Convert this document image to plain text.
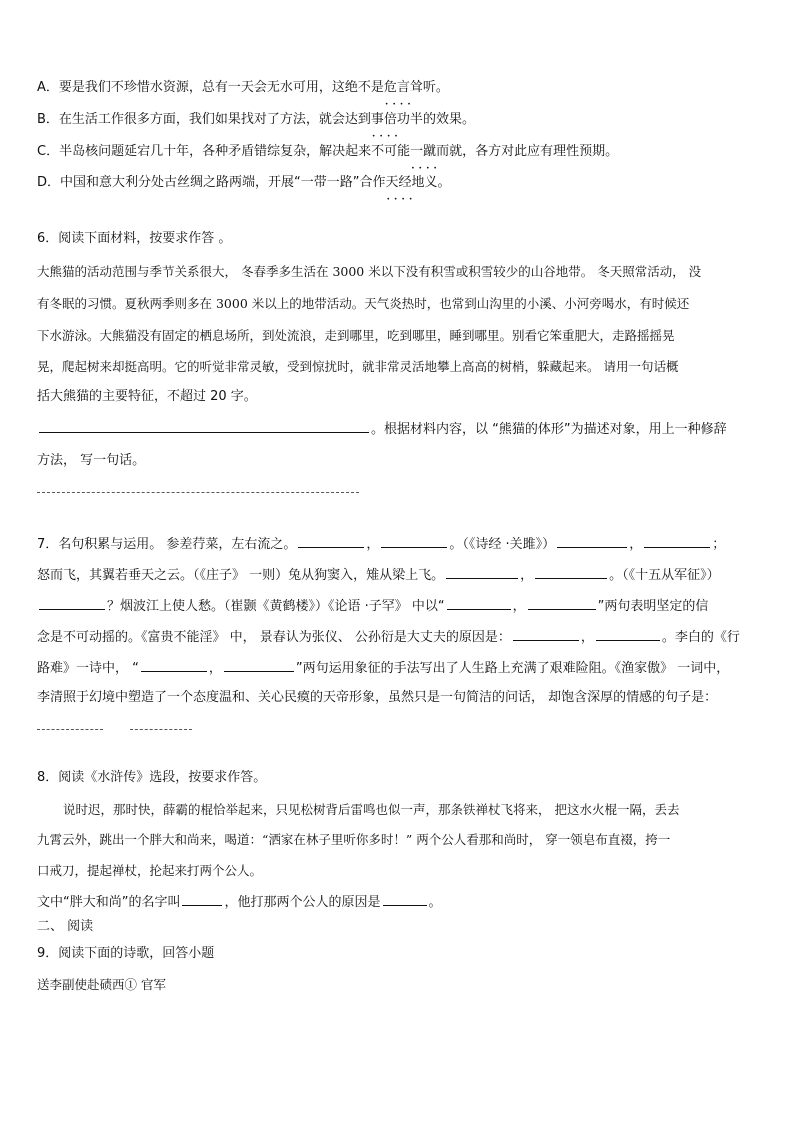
A．要是我们不珍惜水资源，总有一天会无水可用，这绝不是危言耸听 • • • •。
B．在生活工作很多方面，我们如果找对了方法，就会达到事倍功半 • • • •的效果。
C．半岛核问题延宕几十年，各种矛盾错综复杂，解决起来不可能一蹴而就 • • • •，各方对此应有理性预期。
D．中国和意大利分处古丝绸之路两端，开展“一带一路”合作天经地义 • • • •。
6．阅读下面材料，按要求作答 。
大熊猫的活动范围与季节关系很大， 冬春季多生活在 3000 米以下没有积雪或积雪较少的山谷地带。 冬天照常活动， 没
有冬眠的习惯。夏秋两季则多在 3000 米以上的地带活动。天气炎热时，也常到山沟里的小溪、小河旁喝水，有时候还
下水游泳。大熊猫没有固定的栖息场所，到处流浪，走到哪里，吃到哪里，睡到哪里。别看它笨重肥大，走路摇摇晃
晃，爬起树来却挺高明。它的听觉非常灵敏，受到惊扰时，就非常灵活地攀上高高的树梢，躲藏起来。 请用一句话概
括大熊猫的主要特征，不超过 20 字。
。根据材料内容，以 “熊猫的体形”为描述对象，用上一种修辞
方法， 写一句话。
7．名句积累与运用。 参差荇菜，左右流之。	，	。（《诗经 ·关雎》）	，	；
怒而飞，其翼若垂天之云。（《庄子》 一则）兔从狗窦入，雉从梁上飞。	，	。（《十五从军征》）
？烟波江上使人愁。（崔颢《黄鹤楼》）《论语 ·子罕》 中以“	，	”两句表明坚定的信
念是不可动摇的。《富贵不能淫》 中， 景春认为张仪、 公孙衍是大丈夫的原因是：	，	。李白的《行
路难》一诗中， “	，	”两句运用象征的手法写出了人生路上充满了艰难险阻。《渔家傲》 一词中，
李清照于幻境中塑造了一个态度温和、关心民瘼的天帝形象，虽然只是一句简洁的问话， 却饱含深厚的情感的句子是：
8．阅读《水浒传》选段，按要求作答。
说时迟，那时快，薛霸的棍恰举起来，只见松树背后雷鸣也似一声，那条铁禅杖飞将来， 把这水火棍一隔，丢去
九霄云外，跳出一个胖大和尚来，喝道：“洒家在林子里听你多时！” 两个公人看那和尚时， 穿一领皂布直裰，挎一
口戒刀，提起禅杖，抡起来打两个公人。
文中“胖大和尚”的名字叫	，他打那两个公人的原因是	。
二、 阅读
9．阅读下面的诗歌，回答小题
送李副使赴碛西① 官军
